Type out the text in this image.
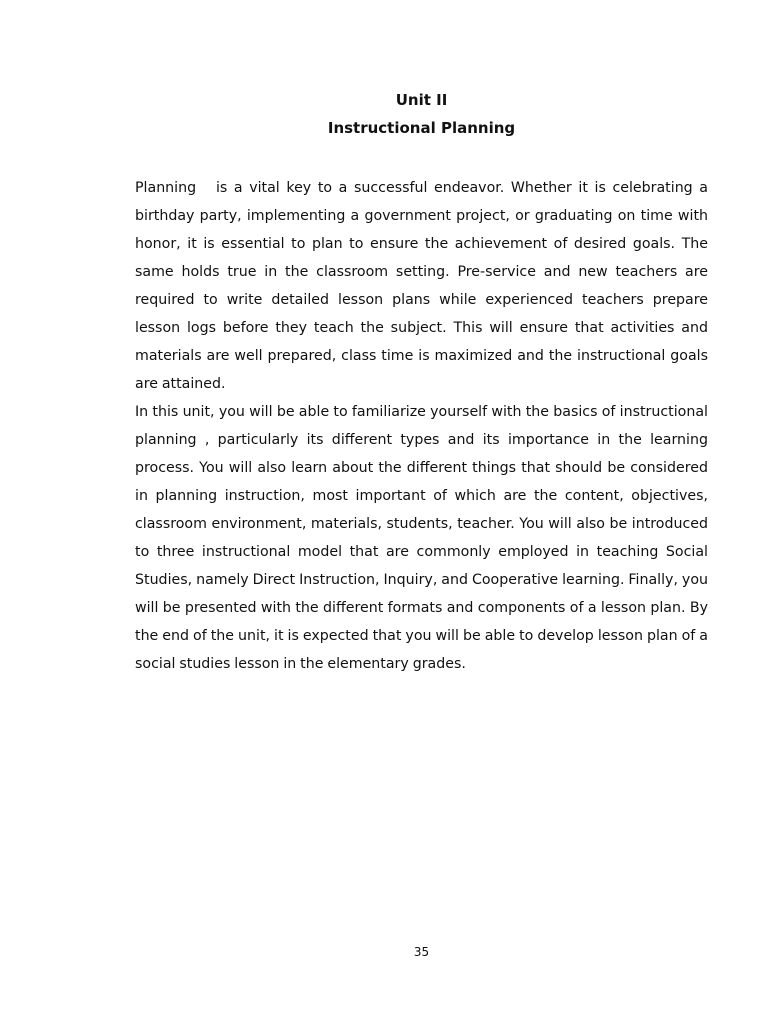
Unit II
Instructional Planning

Planning   is a vital key to a successful endeavor. Whether it is celebrating a birthday party, implementing a government project, or graduating on time with honor, it is essential to plan to ensure the achievement of desired goals. The same holds true in the classroom setting. Pre-service and new teachers are required to write detailed lesson plans while experienced teachers prepare lesson logs before they teach the subject. This will ensure that activities and materials are well prepared, class time is maximized and the instructional goals are attained.

In this unit, you will be able to familiarize yourself with the basics of instructional planning , particularly its different types and its importance in the learning process. You will also learn about the different things that should be considered in planning instruction, most important of which are the content, objectives, classroom environment, materials, students, teacher. You will also be introduced to three instructional model that are commonly employed in teaching Social Studies, namely Direct Instruction, Inquiry, and Cooperative learning. Finally, you will be presented with the different formats and components of a lesson plan. By the end of the unit, it is expected that you will be able to develop lesson plan of a social studies lesson in the elementary grades.

35
